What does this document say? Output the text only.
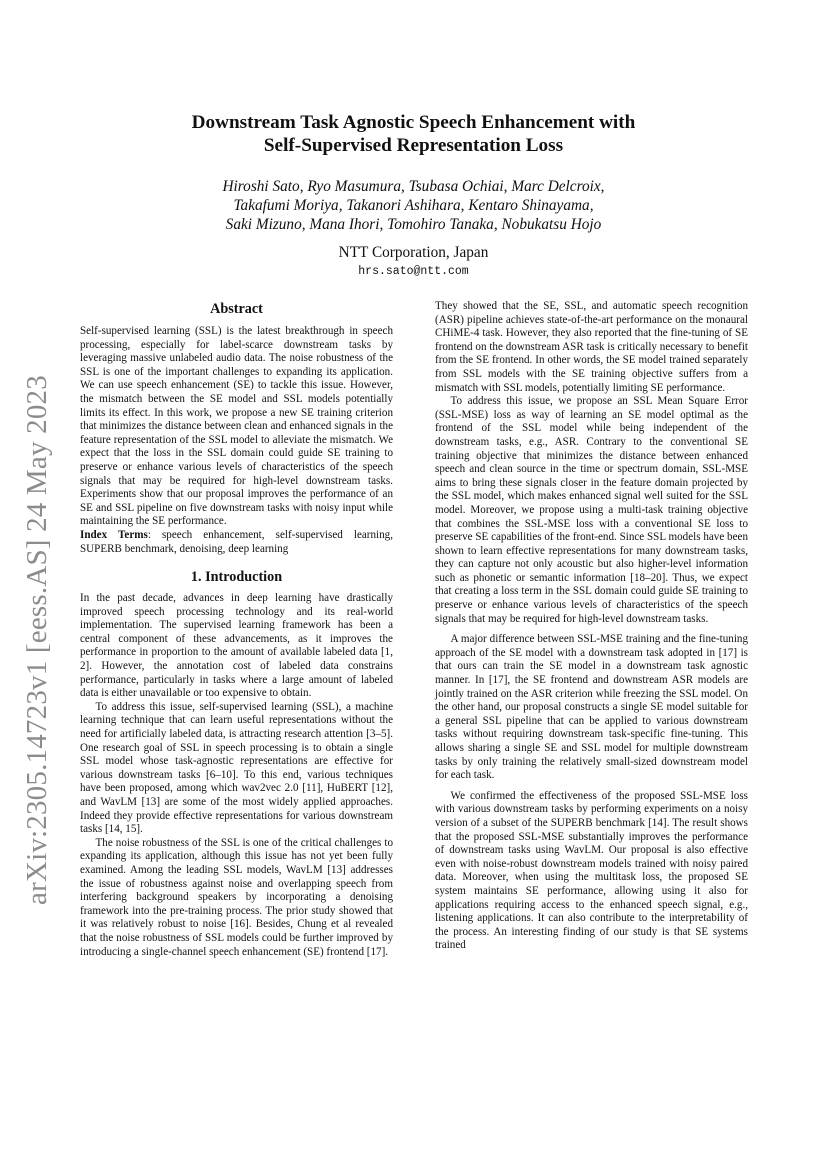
arXiv:2305.14723v1 [eess.AS] 24 May 2023
Downstream Task Agnostic Speech Enhancement with
Self-Supervised Representation Loss
Hiroshi Sato, Ryo Masumura, Tsubasa Ochiai, Marc Delcroix,
Takafumi Moriya, Takanori Ashihara, Kentaro Shinayama,
Saki Mizuno, Mana Ihori, Tomohiro Tanaka, Nobukatsu Hojo
NTT Corporation, Japan
hrs.sato@ntt.com
Abstract

Self-supervised learning (SSL) is the latest breakthrough in speech processing, especially for label-scarce downstream tasks by leveraging massive unlabeled audio data. The noise robustness of the SSL is one of the important challenges to expanding its application. We can use speech enhancement (SE) to tackle this issue. However, the mismatch between the SE model and SSL models potentially limits its effect. In this work, we propose a new SE training criterion that minimizes the distance between clean and enhanced signals in the feature representation of the SSL model to alleviate the mismatch. We expect that the loss in the SSL domain could guide SE training to preserve or enhance various levels of characteristics of the speech signals that may be required for high-level downstream tasks. Experiments show that our proposal improves the performance of an SE and SSL pipeline on five downstream tasks with noisy input while maintaining the SE performance.

Index Terms: speech enhancement, self-supervised learning, SUPERB benchmark, denoising, deep learning

1. Introduction

In the past decade, advances in deep learning have drastically improved speech processing technology and its real-world implementation. The supervised learning framework has been a central component of these advancements, as it improves the performance in proportion to the amount of available labeled data [1, 2]. However, the annotation cost of labeled data constrains performance, particularly in tasks where a large amount of labeled data is either unavailable or too expensive to obtain.

To address this issue, self-supervised learning (SSL), a machine learning technique that can learn useful representations without the need for artificially labeled data, is attracting research attention [3–5]. One research goal of SSL in speech processing is to obtain a single SSL model whose task-agnostic representations are effective for various downstream tasks [6–10]. To this end, various techniques have been proposed, among which wav2vec 2.0 [11], HuBERT [12], and WavLM [13] are some of the most widely applied approaches. Indeed they provide effective representations for various downstream tasks [14, 15].

The noise robustness of the SSL is one of the critical challenges to expanding its application, although this issue has not yet been fully examined. Among the leading SSL models, WavLM [13] addresses the issue of robustness against noise and overlapping speech from interfering background speakers by incorporating a denoising framework into the pre-training process. The prior study showed that it was relatively robust to noise [16]. Besides, Chung et al revealed that the noise robustness of SSL models could be further improved by introducing a single-channel speech enhancement (SE) frontend [17].

They showed that the SE, SSL, and automatic speech recognition (ASR) pipeline achieves state-of-the-art performance on the monaural CHiME-4 task. However, they also reported that the fine-tuning of SE frontend on the downstream ASR task is critically necessary to benefit from the SE frontend. In other words, the SE model trained separately from SSL models with the SE training objective suffers from a mismatch with SSL models, potentially limiting SE performance.

To address this issue, we propose an SSL Mean Square Error (SSL-MSE) loss as way of learning an SE model optimal as the frontend of the SSL model while being independent of the downstream tasks, e.g., ASR. Contrary to the conventional SE training objective that minimizes the distance between enhanced speech and clean source in the time or spectrum domain, SSL-MSE aims to bring these signals closer in the feature domain projected by the SSL model, which makes enhanced signal well suited for the SSL model. Moreover, we propose using a multi-task training objective that combines the SSL-MSE loss with a conventional SE loss to preserve SE capabilities of the front-end. Since SSL models have been shown to learn effective representations for many downstream tasks, they can capture not only acoustic but also higher-level information such as phonetic or semantic information [18–20]. Thus, we expect that creating a loss term in the SSL domain could guide SE training to preserve or enhance various levels of characteristics of the speech signals that may be required for high-level downstream tasks.

A major difference between SSL-MSE training and the fine-tuning approach of the SE model with a downstream task adopted in [17] is that ours can train the SE model in a downstream task agnostic manner. In [17], the SE frontend and downstream ASR models are jointly trained on the ASR criterion while freezing the SSL model. On the other hand, our proposal constructs a single SE model suitable for a general SSL pipeline that can be applied to various downstream tasks without requiring downstream task-specific fine-tuning. This allows sharing a single SE and SSL model for multiple downstream tasks by only training the relatively small-sized downstream model for each task.

We confirmed the effectiveness of the proposed SSL-MSE loss with various downstream tasks by performing experiments on a noisy version of a subset of the SUPERB benchmark [14]. The result shows that the proposed SSL-MSE substantially improves the performance of downstream tasks using WavLM. Our proposal is also effective even with noise-robust downstream models trained with noisy paired data. Moreover, when using the multitask loss, the proposed SE system maintains SE performance, allowing using it also for applications requiring access to the enhanced speech signal, e.g., listening applications. It can also contribute to the interpretability of the process. An interesting finding of our study is that SE systems trained
